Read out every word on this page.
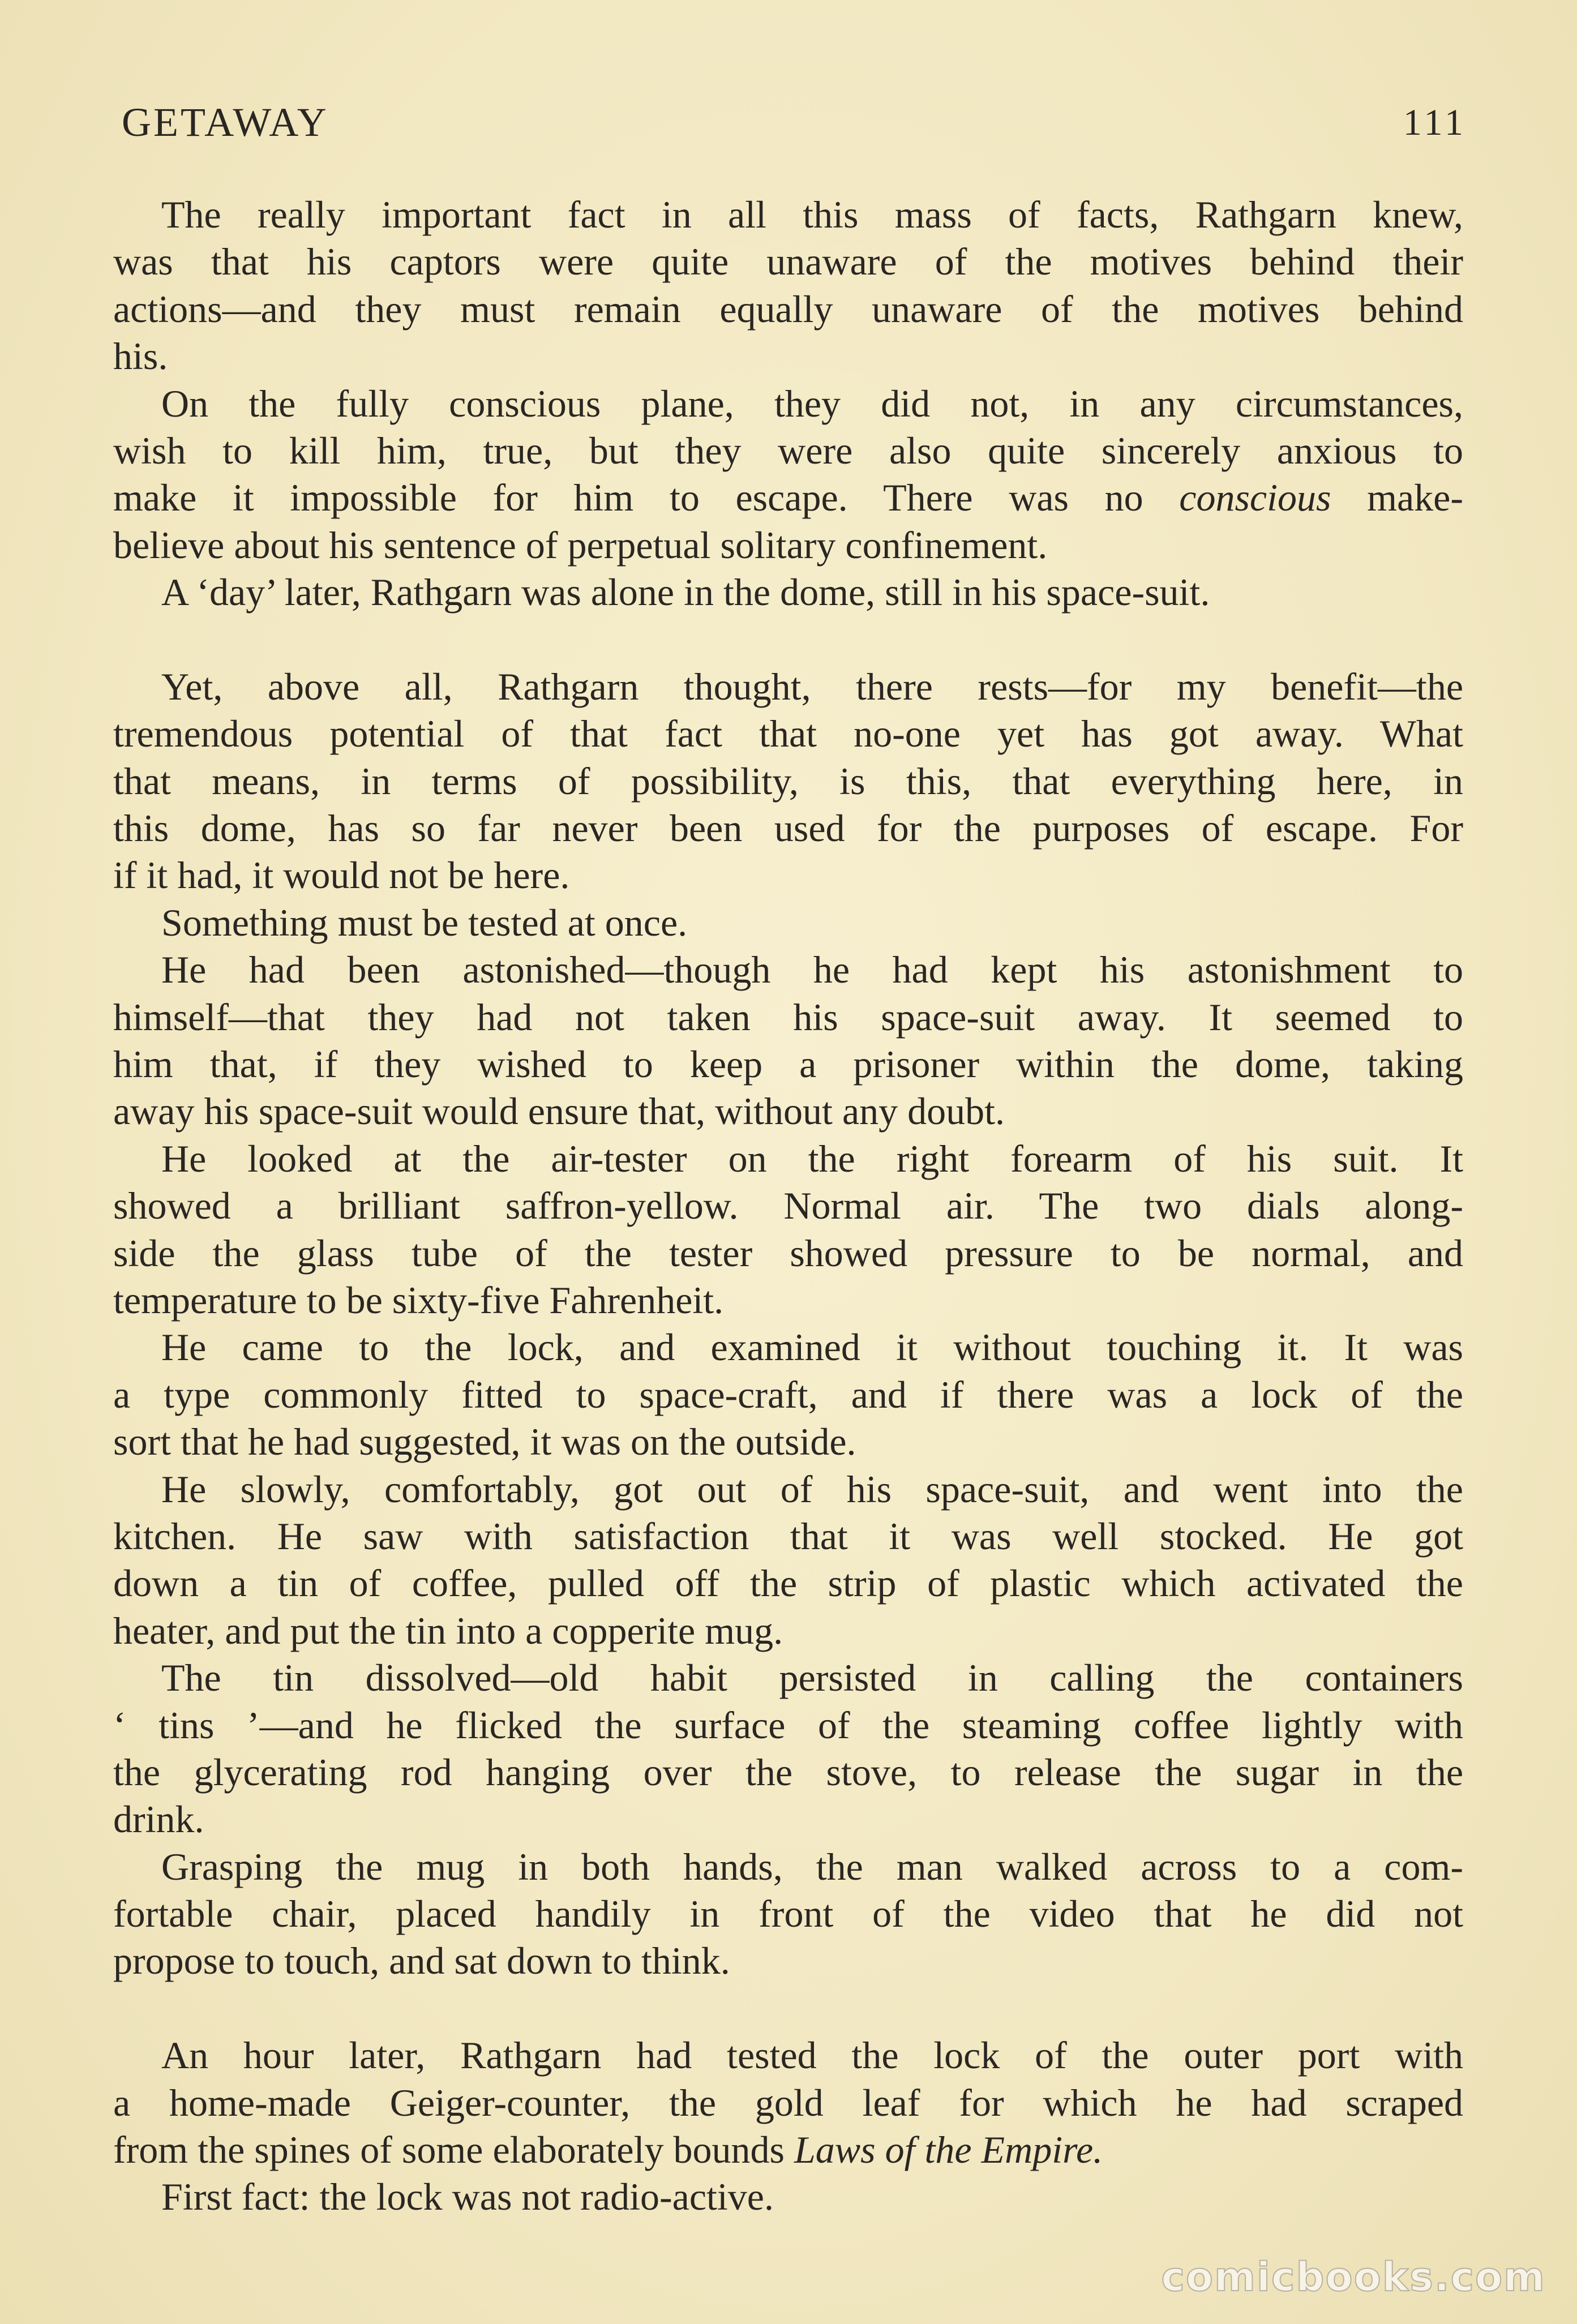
GETAWAY	111
The really important fact in all this mass of facts, Rathgarn knew,
was that his captors were quite unaware of the motives behind their
actions—and they must remain equally unaware of the motives behind
his.
On the fully conscious plane, they did not, in any circumstances,
wish to kill him, true, but they were also quite sincerely anxious to
make it impossible for him to escape. There was no conscious make-
believe about his sentence of perpetual solitary confinement.
A ‘day’ later, Rathgarn was alone in the dome, still in his space-suit.
Yet, above all, Rathgarn thought, there rests—for my benefit—the
tremendous potential of that fact that no-one yet has got away. What
that means, in terms of possibility, is this, that everything here, in
this dome, has so far never been used for the purposes of escape. For
if it had, it would not be here.
Something must be tested at once.
He had been astonished—though he had kept his astonishment to
himself—that they had not taken his space-suit away. It seemed to
him that, if they wished to keep a prisoner within the dome, taking
away his space-suit would ensure that, without any doubt.
He looked at the air-tester on the right forearm of his suit. It
showed a brilliant saffron-yellow. Normal air. The two dials along-
side the glass tube of the tester showed pressure to be normal, and
temperature to be sixty-five Fahrenheit.
He came to the lock, and examined it without touching it. It was
a type commonly fitted to space-craft, and if there was a lock of the
sort that he had suggested, it was on the outside.
He slowly, comfortably, got out of his space-suit, and went into the
kitchen. He saw with satisfaction that it was well stocked. He got
down a tin of coffee, pulled off the strip of plastic which activated the
heater, and put the tin into a copperite mug.
The tin dissolved—old habit persisted in calling the containers
‘ tins ’—and he flicked the surface of the steaming coffee lightly with
the glycerating rod hanging over the stove, to release the sugar in the
drink.
Grasping the mug in both hands, the man walked across to a com-
fortable chair, placed handily in front of the video that he did not
propose to touch, and sat down to think.
An hour later, Rathgarn had tested the lock of the outer port with
a home-made Geiger-counter, the gold leaf for which he had scraped
from the spines of some elaborately bounds Laws of the Empire.
First fact: the lock was not radio-active.
comicbooks.com
